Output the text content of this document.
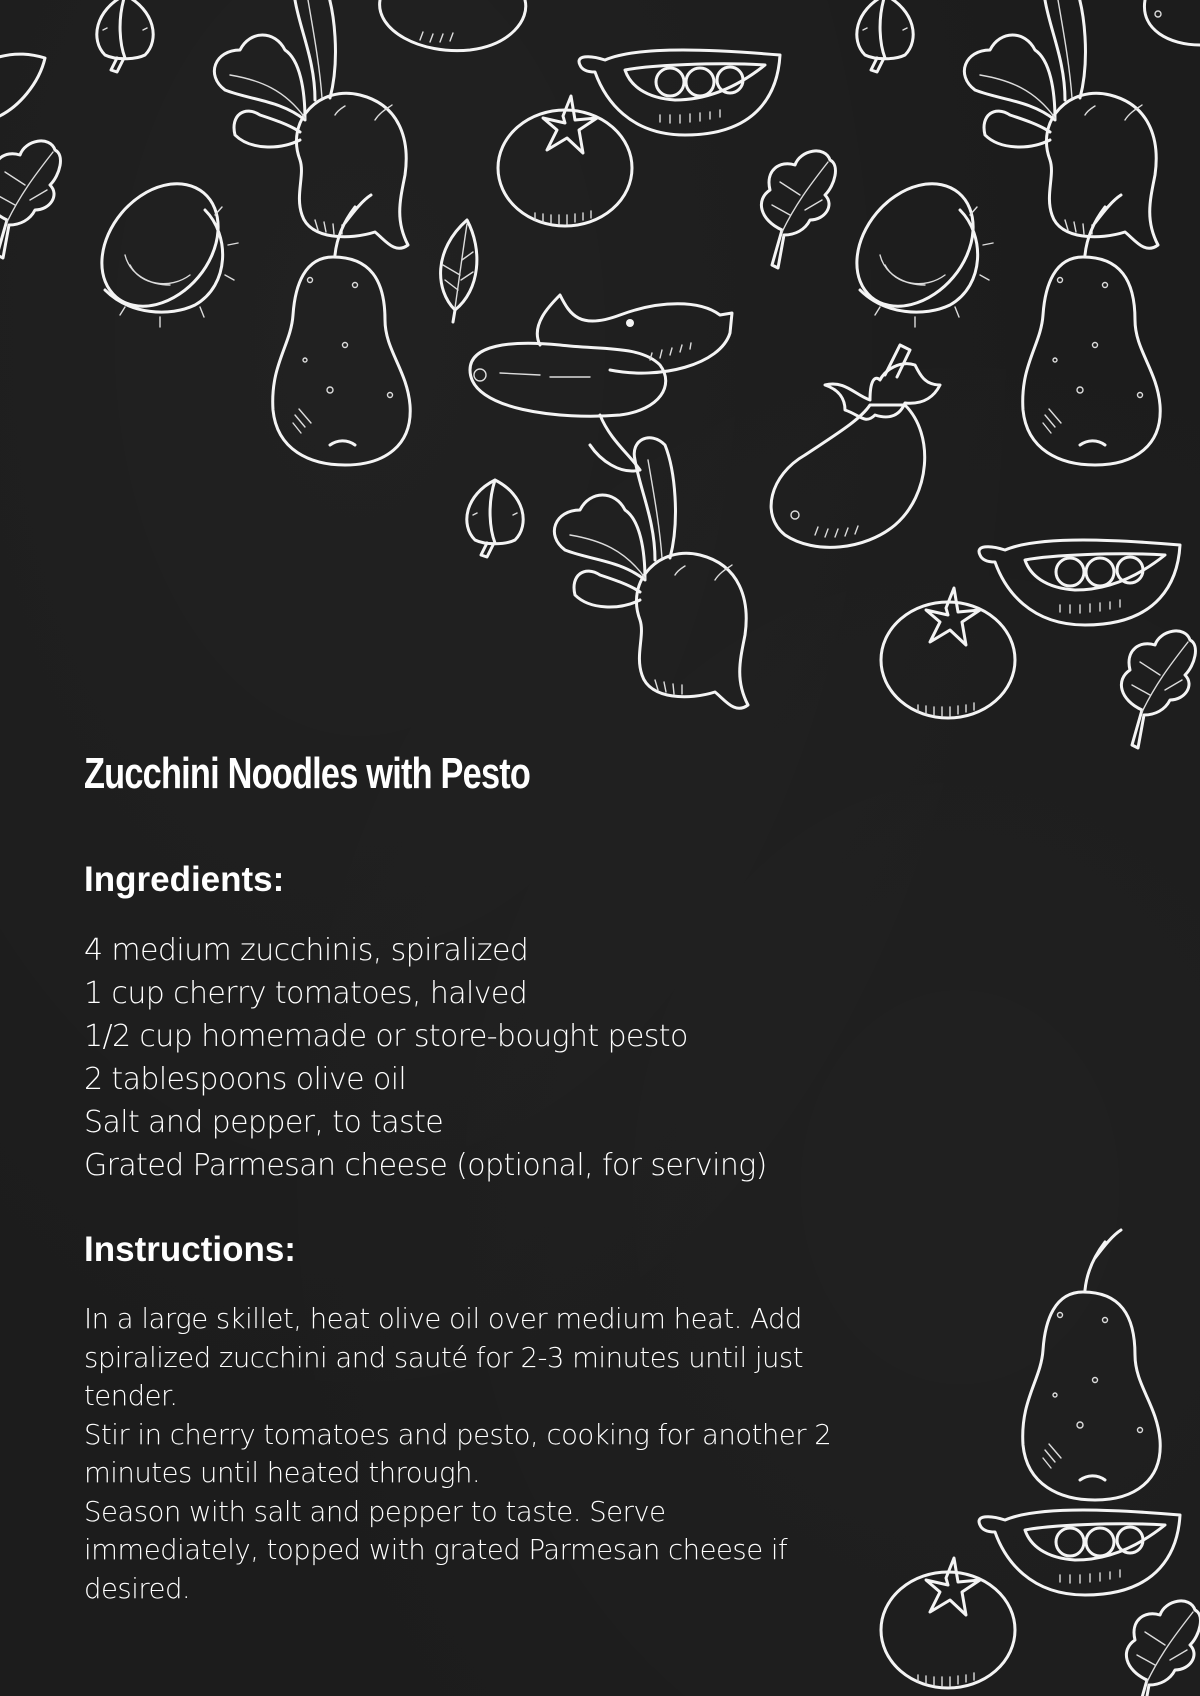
Zucchini Noodles with Pesto
Ingredients:
4 medium zucchinis, spiralized
1 cup cherry tomatoes, halved
1/2 cup homemade or store-bought pesto
2 tablespoons olive oil
Salt and pepper, to taste
Grated Parmesan cheese (optional, for serving)
Instructions:
In a large skillet, heat olive oil over medium heat. Add spiralized zucchini and sauté for 2-3 minutes until just tender.
Stir in cherry tomatoes and pesto, cooking for another 2 minutes until heated through.
Season with salt and pepper to taste. Serve immediately, topped with grated Parmesan cheese if desired.
